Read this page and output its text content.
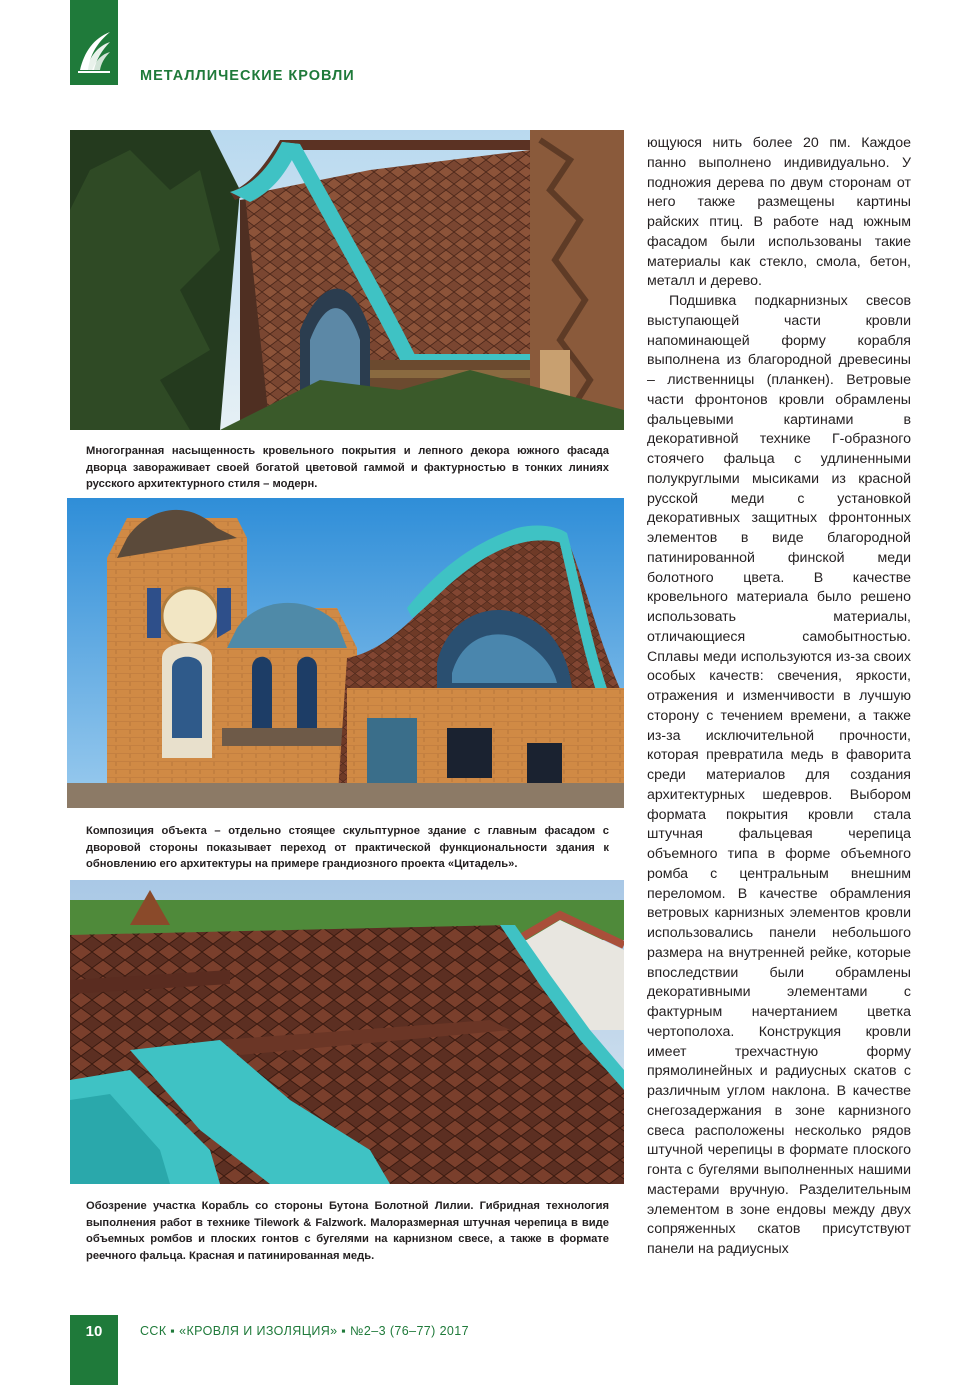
МЕТАЛЛИЧЕСКИЕ КРОВЛИ
Многогранная насыщенность кровельного покрытия и лепного декора южного фасада дворца завораживает своей богатой цветовой гаммой и фактурностью в тонких линиях русского архитектурного стиля – модерн.
Композиция объекта – отдельно стоящее скульптурное здание с главным фасадом с дворовой стороны показывает переход от практической функциональности здания к обновлению его архитектуры на примере грандиозного проекта «Цитадель».
Обозрение участка Корабль со стороны Бутона Болотной Лилии. Гибридная технология выполнения работ в технике Tilework & Falzwork. Малоразмерная штучная черепица в виде объемных ромбов и плоских гонтов с бугелями на карнизном свесе, а также в формате реечного фальца. Красная и патинированная медь.

ющуюся нить более 20 пм. Каждое панно выполнено индивидуально. У подножия дерева по двум сторонам от него также размещены картины райских птиц. В работе над южным фасадом были использованы такие материалы как стекло, смола, бетон, металл и дерево.

Подшивка подкарнизных свесов выступающей части кровли напоминающей форму корабля выполнена из благородной древесины – лиственницы (планкен). Ветровые части фронтонов кровли обрамлены фальцевыми картинами в декоративной технике Г-образного стоячего фальца с удлиненными полукруглыми мысиками из красной русской меди с установкой декоративных защитных фронтонных элементов в виде благородной патинированной финской меди болотного цвета. В качестве кровельного материала было решено использовать материалы, отличающиеся самобытностью. Сплавы меди используются из-за своих особых качеств: свечения, яркости, отражения и изменчивости в лучшую сторону с течением времени, а также из-за исключительной прочности, которая превратила медь в фаворита среди материалов для создания архитектурных шедевров. Выбором формата покрытия кровли стала штучная фальцевая черепица объемного типа в форме объемного ромба с центральным внешним переломом. В качестве обрамления ветровых карнизных элементов кровли использовались панели небольшого размера на внутренней рейке, которые впоследствии были обрамлены декоративными элементами с фактурным начертанием цветка чертополоха. Конструкция кровли имеет трехчастную форму прямолинейных и радиусных скатов с различным углом наклона. В качестве снегозадержания в зоне карнизного свеса расположены несколько рядов штучной черепицы в формате плоского гонта с бугелями выполненных нашими мастерами вручную. Разделительным элементом в зоне ендовы между двух сопряженных скатов присутствуют панели на радиусных

10	ССК ▪ «КРОВЛЯ И ИЗОЛЯЦИЯ» ▪ №2–3 (76–77) 2017
